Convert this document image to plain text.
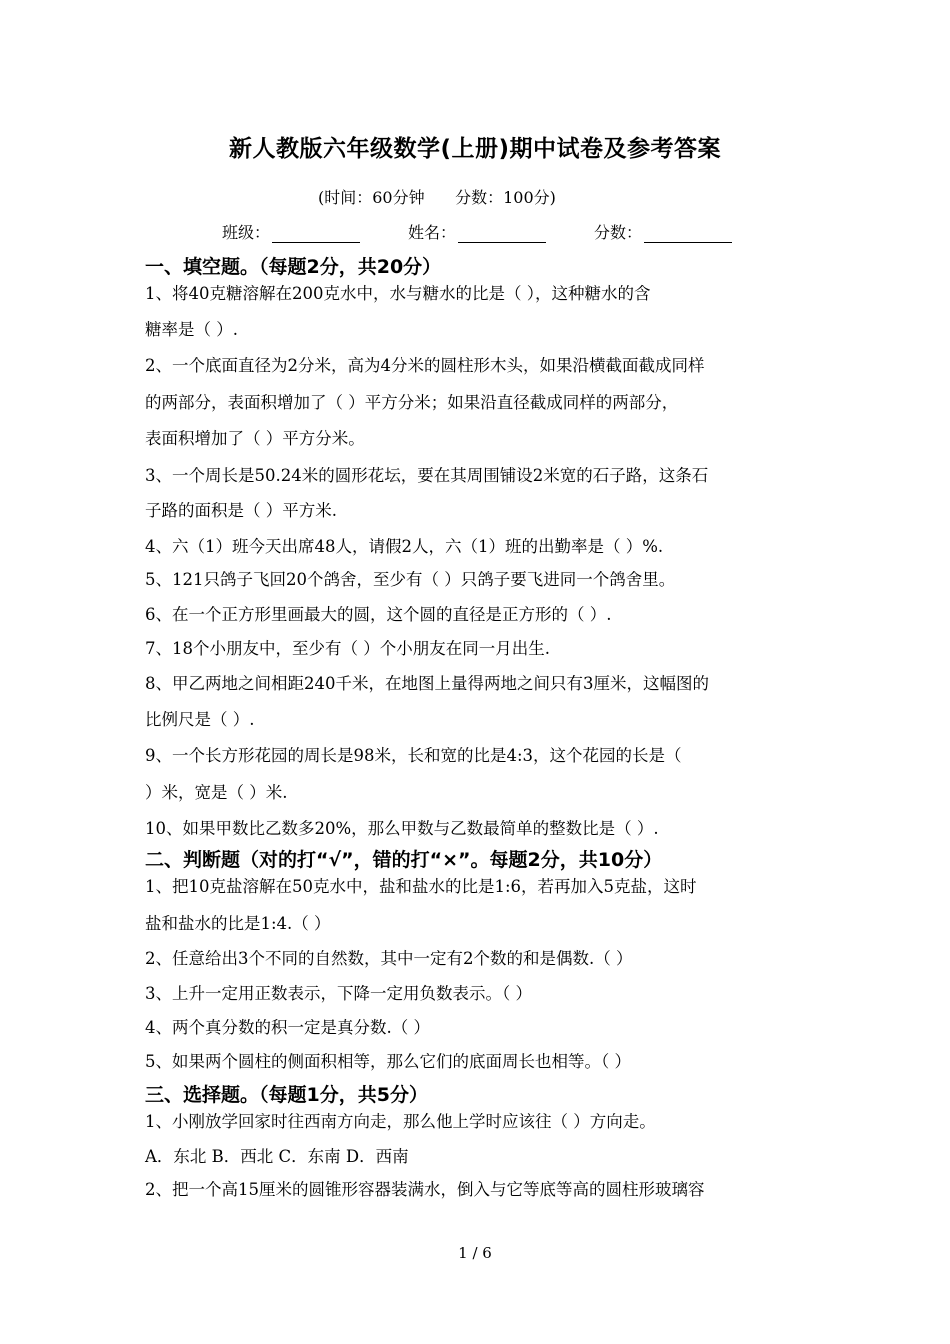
新人教版六年级数学(上册)期中试卷及参考答案
(时间：60分钟      分数：100分)
班级：	姓名：	分数：
一、填空题。（每题2分，共20分）
1、将40克糖溶解在200克水中，水与糖水的比是（ ），这种糖水的含
糖率是（ ）.
2、一个底面直径为2分米，高为4分米的圆柱形木头，如果沿横截面截成同样
的两部分，表面积增加了（ ）平方分米；如果沿直径截成同样的两部分，
表面积增加了（ ）平方分米。
3、一个周长是50.24米的圆形花坛，要在其周围铺设2米宽的石子路，这条石
子路的面积是（ ）平方米.
4、六（1）班今天出席48人，请假2人，六（1）班的出勤率是（ ）%.
5、121只鸽子飞回20个鸽舍，至少有（ ）只鸽子要飞进同一个鸽舍里。
6、在一个正方形里画最大的圆，这个圆的直径是正方形的（ ）.
7、18个小朋友中，至少有（ ）个小朋友在同一月出生.
8、甲乙两地之间相距240千米，在地图上量得两地之间只有3厘米，这幅图的
比例尺是（ ）.
9、一个长方形花园的周长是98米，长和宽的比是4:3，这个花园的长是（
）米，宽是（ ）米.
10、如果甲数比乙数多20%，那么甲数与乙数最简单的整数比是（ ）.
二、判断题（对的打“√”，错的打“×”。每题2分，共10分）
1、把10克盐溶解在50克水中，盐和盐水的比是1:6，若再加入5克盐，这时
盐和盐水的比是1:4.（ ）
2、任意给出3个不同的自然数，其中一定有2个数的和是偶数.（ ）
3、上升一定用正数表示，下降一定用负数表示。（ ）
4、两个真分数的积一定是真分数.（ ）
5、如果两个圆柱的侧面积相等，那么它们的底面周长也相等。（ ）
三、选择题。（每题1分，共5分）
1、小刚放学回家时往西南方向走，那么他上学时应该往（ ）方向走。
A．东北 B．西北 C．东南 D．西南
2、把一个高15厘米的圆锥形容器装满水，倒入与它等底等高的圆柱形玻璃容
1 / 6
